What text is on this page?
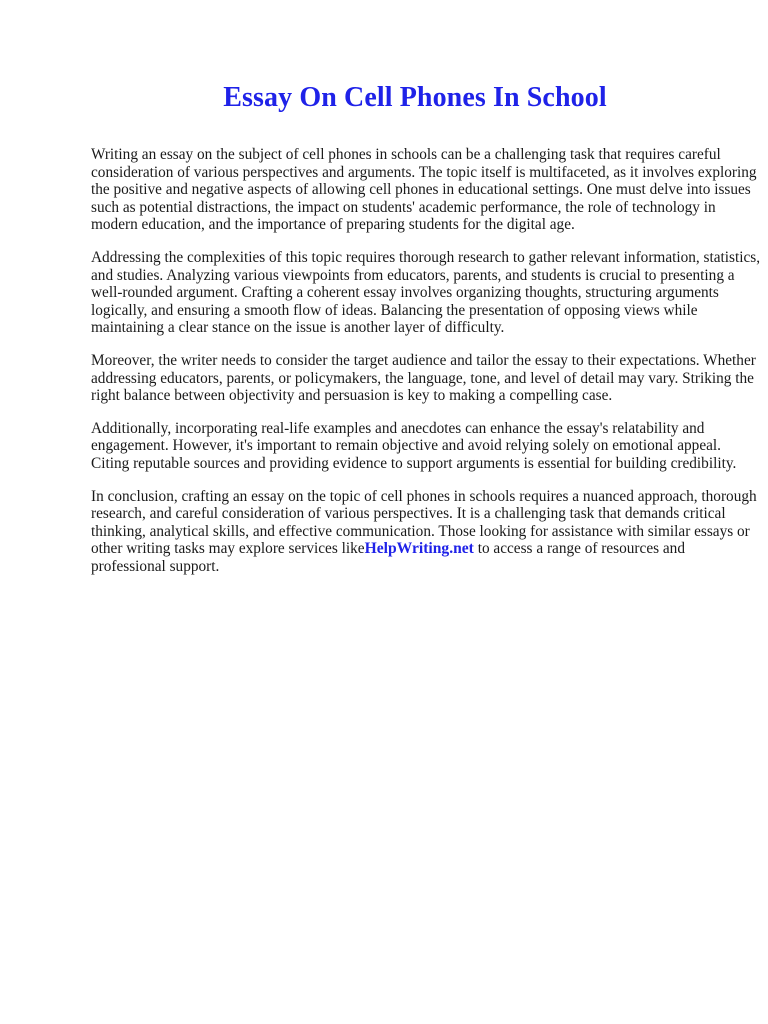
Essay On Cell Phones In School

Writing an essay on the subject of cell phones in schools can be a challenging task that requires careful consideration of various perspectives and arguments. The topic itself is multifaceted, as it involves exploring the positive and negative aspects of allowing cell phones in educational settings. One must delve into issues such as potential distractions, the impact on students' academic performance, the role of technology in modern education, and the importance of preparing students for the digital age.

Addressing the complexities of this topic requires thorough research to gather relevant information, statistics, and studies. Analyzing various viewpoints from educators, parents, and students is crucial to presenting a well-rounded argument. Crafting a coherent essay involves organizing thoughts, structuring arguments logically, and ensuring a smooth flow of ideas. Balancing the presentation of opposing views while maintaining a clear stance on the issue is another layer of difficulty.

Moreover, the writer needs to consider the target audience and tailor the essay to their expectations. Whether addressing educators, parents, or policymakers, the language, tone, and level of detail may vary. Striking the right balance between objectivity and persuasion is key to making a compelling case.

Additionally, incorporating real-life examples and anecdotes can enhance the essay's relatability and engagement. However, it's important to remain objective and avoid relying solely on emotional appeal. Citing reputable sources and providing evidence to support arguments is essential for building credibility.

In conclusion, crafting an essay on the topic of cell phones in schools requires a nuanced approach, thorough research, and careful consideration of various perspectives. It is a challenging task that demands critical thinking, analytical skills, and effective communication. Those looking for assistance with similar essays or other writing tasks may explore services likeHelpWriting.net to access a range of resources and professional support.
